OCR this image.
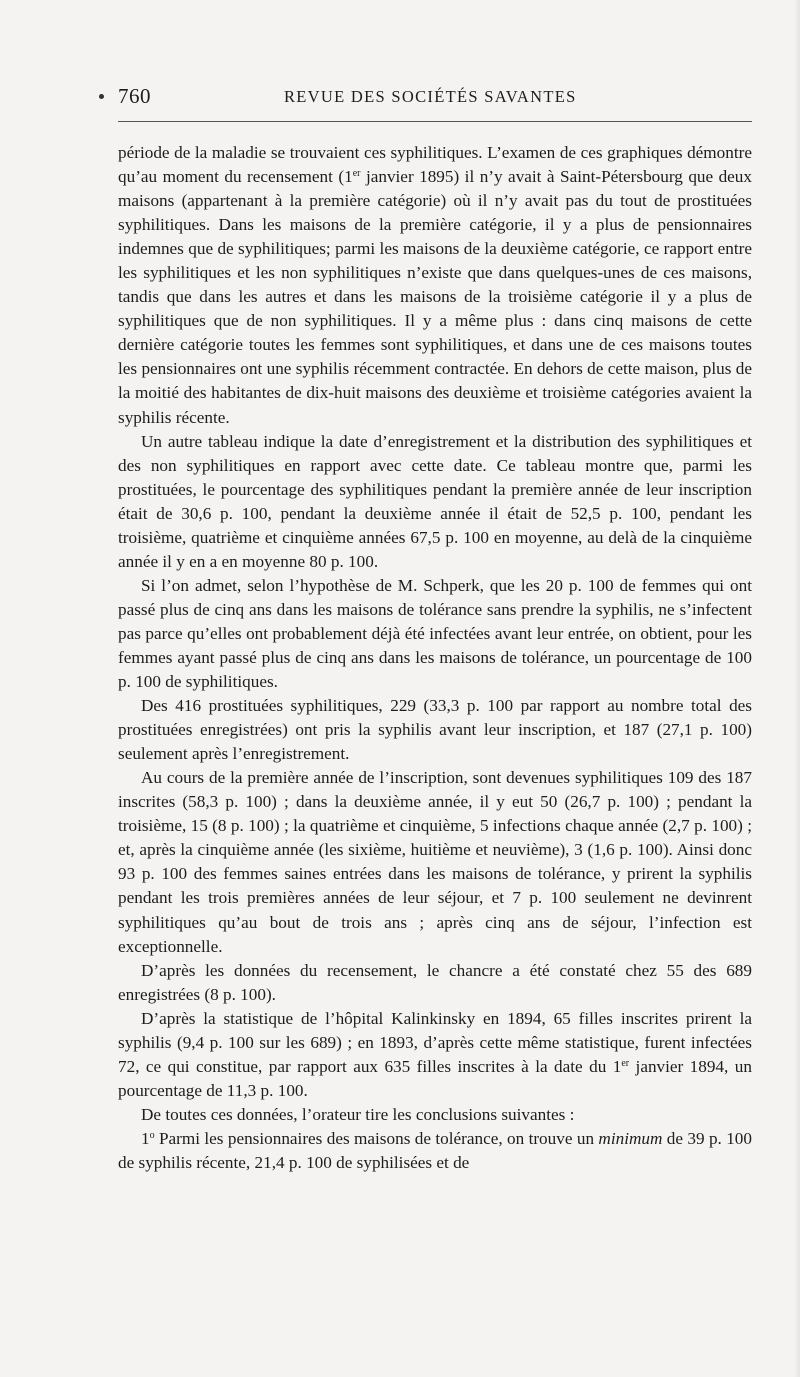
760	REVUE DES SOCIÉTÉS SAVANTES

période de la maladie se trouvaient ces syphilitiques. L’examen de ces graphiques démontre qu’au moment du recensement (1er janvier 1895) il n’y avait à Saint-Pétersbourg que deux maisons (appartenant à la première catégorie) où il n’y avait pas du tout de prostituées syphilitiques. Dans les maisons de la première catégorie, il y a plus de pensionnaires indemnes que de syphilitiques; parmi les maisons de la deuxième catégorie, ce rapport entre les syphilitiques et les non syphilitiques n’existe que dans quelques-unes de ces maisons, tandis que dans les autres et dans les maisons de la troisième catégorie il y a plus de syphilitiques que de non syphilitiques. Il y a même plus : dans cinq maisons de cette dernière catégorie toutes les femmes sont syphilitiques, et dans une de ces maisons toutes les pensionnaires ont une syphilis récemment contractée. En dehors de cette maison, plus de la moitié des habitantes de dix-huit maisons des deuxième et troisième catégories avaient la syphilis récente.

Un autre tableau indique la date d’enregistrement et la distribution des syphilitiques et des non syphilitiques en rapport avec cette date. Ce tableau montre que, parmi les prostituées, le pourcentage des syphilitiques pendant la première année de leur inscription était de 30,6 p. 100, pendant la deuxième année il était de 52,5 p. 100, pendant les troisième, quatrième et cinquième années 67,5 p. 100 en moyenne, au delà de la cinquième année il y en a en moyenne 80 p. 100.

Si l’on admet, selon l’hypothèse de M. Schperk, que les 20 p. 100 de femmes qui ont passé plus de cinq ans dans les maisons de tolérance sans prendre la syphilis, ne s’infectent pas parce qu’elles ont probablement déjà été infectées avant leur entrée, on obtient, pour les femmes ayant passé plus de cinq ans dans les maisons de tolérance, un pourcentage de 100 p. 100 de syphilitiques.

Des 416 prostituées syphilitiques, 229 (33,3 p. 100 par rapport au nombre total des prostituées enregistrées) ont pris la syphilis avant leur inscription, et 187 (27,1 p. 100) seulement après l’enregistrement.

Au cours de la première année de l’inscription, sont devenues syphilitiques 109 des 187 inscrites (58,3 p. 100) ; dans la deuxième année, il y eut 50 (26,7 p. 100) ; pendant la troisième, 15 (8 p. 100) ; la quatrième et cinquième, 5 infections chaque année (2,7 p. 100) ; et, après la cinquième année (les sixième, huitième et neuvième), 3 (1,6 p. 100). Ainsi donc 93 p. 100 des femmes saines entrées dans les maisons de tolérance, y prirent la syphilis pendant les trois premières années de leur séjour, et 7 p. 100 seulement ne devinrent syphilitiques qu’au bout de trois ans ; après cinq ans de séjour, l’infection est exceptionnelle.

D’après les données du recensement, le chancre a été constaté chez 55 des 689 enregistrées (8 p. 100).

D’après la statistique de l’hôpital Kalinkinsky en 1894, 65 filles inscrites prirent la syphilis (9,4 p. 100 sur les 689) ; en 1893, d’après cette même statistique, furent infectées 72, ce qui constitue, par rapport aux 635 filles inscrites à la date du 1er janvier 1894, un pourcentage de 11,3 p. 100.

De toutes ces données, l’orateur tire les conclusions suivantes :

1$^o$ Parmi les pensionnaires des maisons de tolérance, on trouve un minimum de 39 p. 100 de syphilis récente, 21,4 p. 100 de syphilisées et de
